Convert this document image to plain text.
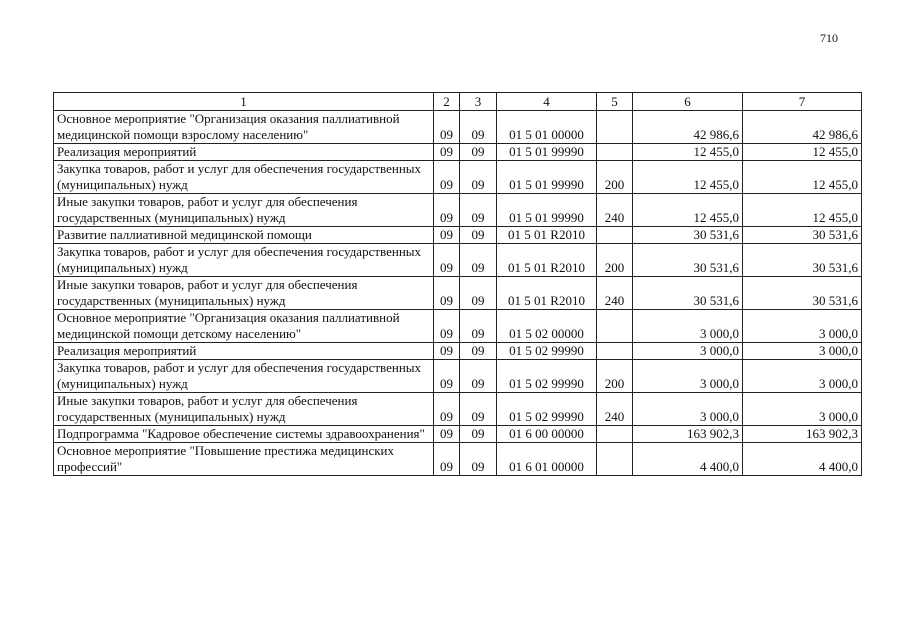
710
1	2	3	4	5	6	7
Основное мероприятие "Организация оказания паллиативной медицинской помощи взрослому населению"	09	09	01 5 01 00000		42 986,6	42 986,6
Реализация мероприятий	09	09	01 5 01 99990		12 455,0	12 455,0
Закупка товаров, работ и услуг для обеспечения государственных (муниципальных) нужд	09	09	01 5 01 99990	200	12 455,0	12 455,0
Иные закупки товаров, работ и услуг для обеспечения государственных (муниципальных) нужд	09	09	01 5 01 99990	240	12 455,0	12 455,0
Развитие паллиативной медицинской помощи	09	09	01 5 01 R2010		30 531,6	30 531,6
Закупка товаров, работ и услуг для обеспечения государственных (муниципальных) нужд	09	09	01 5 01 R2010	200	30 531,6	30 531,6
Иные закупки товаров, работ и услуг для обеспечения государственных (муниципальных) нужд	09	09	01 5 01 R2010	240	30 531,6	30 531,6
Основное мероприятие "Организация оказания паллиативной медицинской помощи детскому населению"	09	09	01 5 02 00000		3 000,0	3 000,0
Реализация мероприятий	09	09	01 5 02 99990		3 000,0	3 000,0
Закупка товаров, работ и услуг для обеспечения государственных (муниципальных) нужд	09	09	01 5 02 99990	200	3 000,0	3 000,0
Иные закупки товаров, работ и услуг для обеспечения государственных (муниципальных) нужд	09	09	01 5 02 99990	240	3 000,0	3 000,0
Подпрограмма "Кадровое обеспечение системы здравоохранения"	09	09	01 6 00 00000		163 902,3	163 902,3
Основное мероприятие "Повышение престижа медицинских профессий"	09	09	01 6 01 00000		4 400,0	4 400,0
